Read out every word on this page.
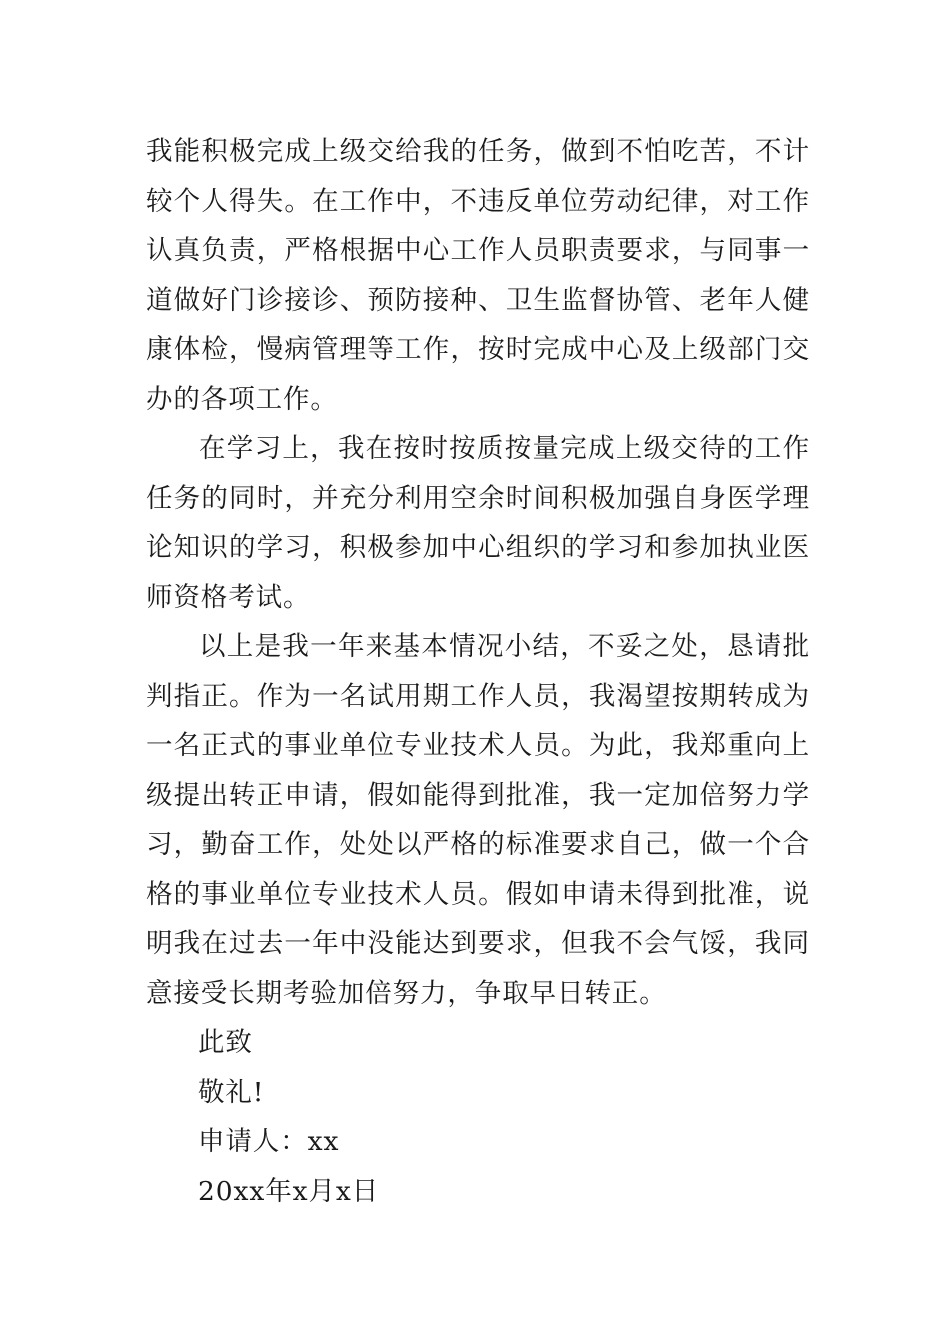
我能积极完成上级交给我的任务，做到不怕吃苦，不计较个人得失。在工作中，不违反单位劳动纪律，对工作认真负责，严格根据中心工作人员职责要求，与同事一道做好门诊接诊、预防接种、卫生监督协管、老年人健康体检，慢病管理等工作，按时完成中心及上级部门交办的各项工作。

在学习上，我在按时按质按量完成上级交待的工作任务的同时，并充分利用空余时间积极加强自身医学理论知识的学习，积极参加中心组织的学习和参加执业医师资格考试。

以上是我一年来基本情况小结，不妥之处，恳请批判指正。作为一名试用期工作人员，我渴望按期转成为一名正式的事业单位专业技术人员。为此，我郑重向上级提出转正申请，假如能得到批准，我一定加倍努力学习，勤奋工作，处处以严格的标准要求自己，做一个合格的事业单位专业技术人员。假如申请未得到批准，说明我在过去一年中没能达到要求，但我不会气馁，我同意接受长期考验加倍努力，争取早日转正。

此致

敬礼!

申请人：xx

20xx年x月x日
